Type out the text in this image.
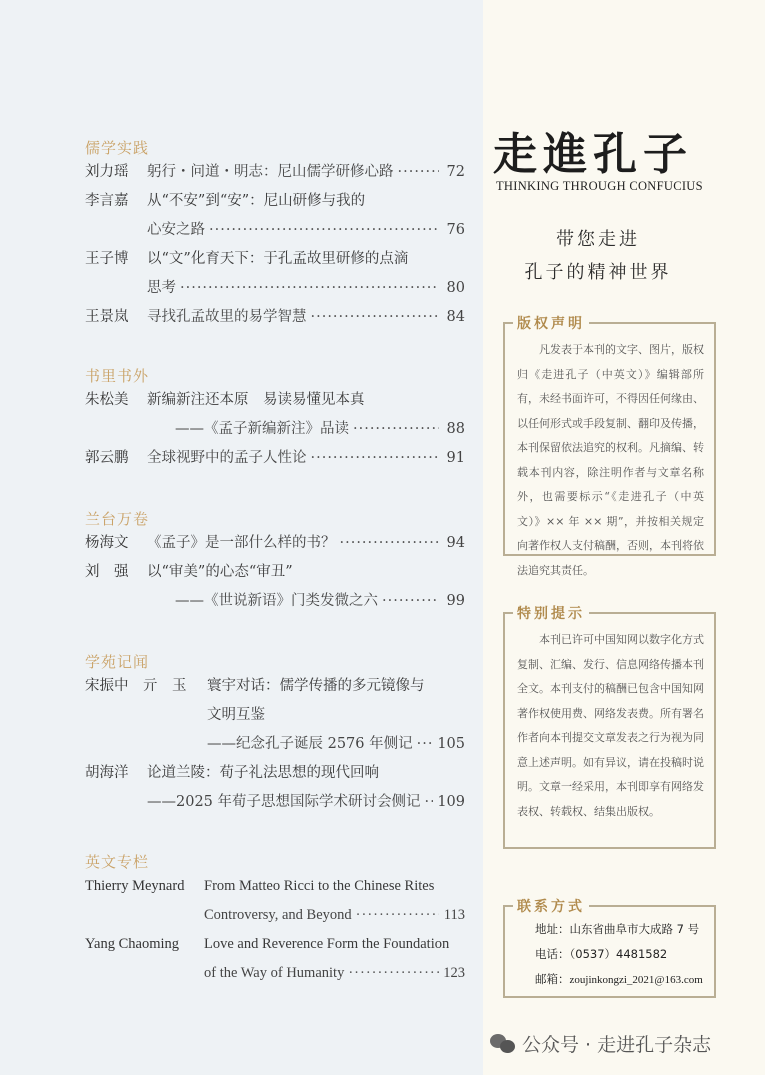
儒学实践
刘力瑶 躬行・问道・明志：尼山儒学研修心路 ·····	72
李言嘉 从“不安”到“安”：尼山研修与我的
心安之路 ·····	76
王子博 以“文”化育天下：于孔孟故里研修的点滴
思考 ·····	80
王景岚 寻找孔孟故里的易学智慧 ·····	84
书里书外
朱松美 新编新注还本原　易读易懂见本真
——《孟子新编新注》品读 ·····	88
郭云鹏 全球视野中的孟子人性论 ·····	91
兰台万卷
杨海文 《孟子》是一部什么样的书？ ·····	94
刘　强 以“审美”的心态“审丑”
——《世说新语》门类发微之六 ·····	99
学苑记闻
宋振中　亓　玉 寰宇对话：儒学传播的多元镜像与
文明互鉴
——纪念孔子诞辰 2576 年侧记 ····· 105
胡海洋 论道兰陵：荀子礼法思想的现代回响
——2025 年荀子思想国际学术研讨会侧记 ····· 109
英文专栏
Thierry Meynard From Matteo Ricci to the Chinese Rites
Controversy, and Beyond ·····	113
Yang Chaoming Love and Reverence Form the Foundation
of the Way of Humanity ·····	123
走進孔子
THINKING THROUGH CONFUCIUS
带您走进
孔子的精神世界
版权声明
凡发表于本刊的文字、图片，版权归《走进孔子（中英文）》编辑部所有，未经书面许可，不得因任何缘由、以任何形式或手段复制、翻印及传播，本刊保留依法追究的权利。凡摘编、转载本刊内容，除注明作者与文章名称外，也需要标示“《走进孔子（中英文）》×× 年 ×× 期”，并按相关规定向著作权人支付稿酬，否则，本刊将依法追究其责任。
特别提示
本刊已许可中国知网以数字化方式复制、汇编、发行、信息网络传播本刊全文。本刊支付的稿酬已包含中国知网著作权使用费、网络发表费。所有署名作者向本刊提交文章发表之行为视为同意上述声明。如有异议，请在投稿时说明。文章一经采用，本刊即享有网络发表权、转载权、结集出版权。
联系方式
地址：山东省曲阜市大成路 7 号
电话：（0537）4481582
邮箱：zoujinkongzi_2021@163.com
公众号 · 走进孔子杂志
